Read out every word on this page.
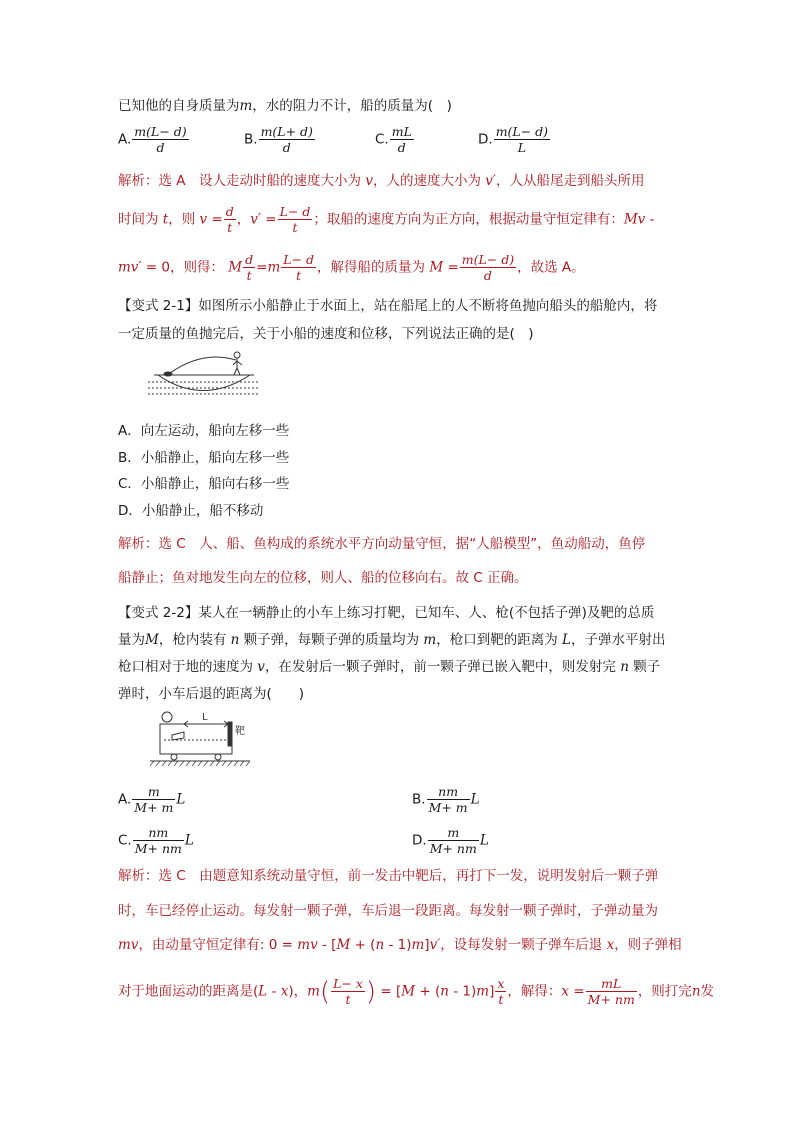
已知他的自身质量为m，水的阻力不计，船的质量为(　)
A. $\frac{m(L- d)}{d}$	B. $\frac{m(L+ d)}{d}$	C. $\frac{mL}{d}$	D. $\frac{m(L- d)}{L}$
解析：选 A　设人走动时船的速度大小为 v，人的速度大小为 v′，人从船尾走到船头所用
时间为 t，则 $v = \frac{d}{t}$ ，$v' = \frac{L- d}{t}$ ；取船的速度方向为正方向，根据动量守恒定律有：Mv -
mv′ = 0，则得： M $\frac{d}{t} =m \frac{L- d}{t}$ ，解得船的质量为 $M = \frac{m(L- d)}{d}$ ，故选 A。
【变式 2-1】如图所示小船静止于水面上，站在船尾上的人不断将鱼抛向船头的船舱内，将
一定质量的鱼抛完后，关于小船的速度和位移，下列说法正确的是(　)
A．向左运动，船向左移一些
B．小船静止，船向左移一些
C．小船静止，船向右移一些
D．小船静止，船不移动
解析：选 C　人、船、鱼构成的系统水平方向动量守恒，据“人船模型”，鱼动船动，鱼停
船静止；鱼对地发生向左的位移，则人、船的位移向右。故 C 正确。
【变式 2-2】某人在一辆静止的小车上练习打靶，已知车、人、枪(不包括子弹)及靶的总质
量为M，枪内装有 n 颗子弹，每颗子弹的质量均为 m，枪口到靶的距离为 L，子弹水平射出
枪口相对于地的速度为 v，在发射后一颗子弹时，前一颗子弹已嵌入靶中，则发射完 n 颗子
弹时，小车后退的距离为(　　)
L
靶
A. $\frac{m}{M+ m}$ L	B. $\frac{nm}{M+ m}$ L
C. $\frac{nm}{M+ nm}$ L	D. $\frac{m}{M+ nm}$ L
解析：选 C　由题意知系统动量守恒，前一发击中靶后，再打下一发，说明发射后一颗子弹
时，车已经停止运动。每发射一颗子弹，车后退一段距离。每发射一颗子弹时，子弹动量为
mv，由动量守恒定律有: 0 = mv - [M + (n - 1)m]v′，设每发射一颗子弹车后退 x，则子弹相
对于地面运动的距离是(L - x)，$m( \frac{L- x}{t}$ ) = $[M + (n - 1)m] \frac{x}{t}$ ，解得：$x = \frac{mL}{M+ nm}$ ，则打完n发
